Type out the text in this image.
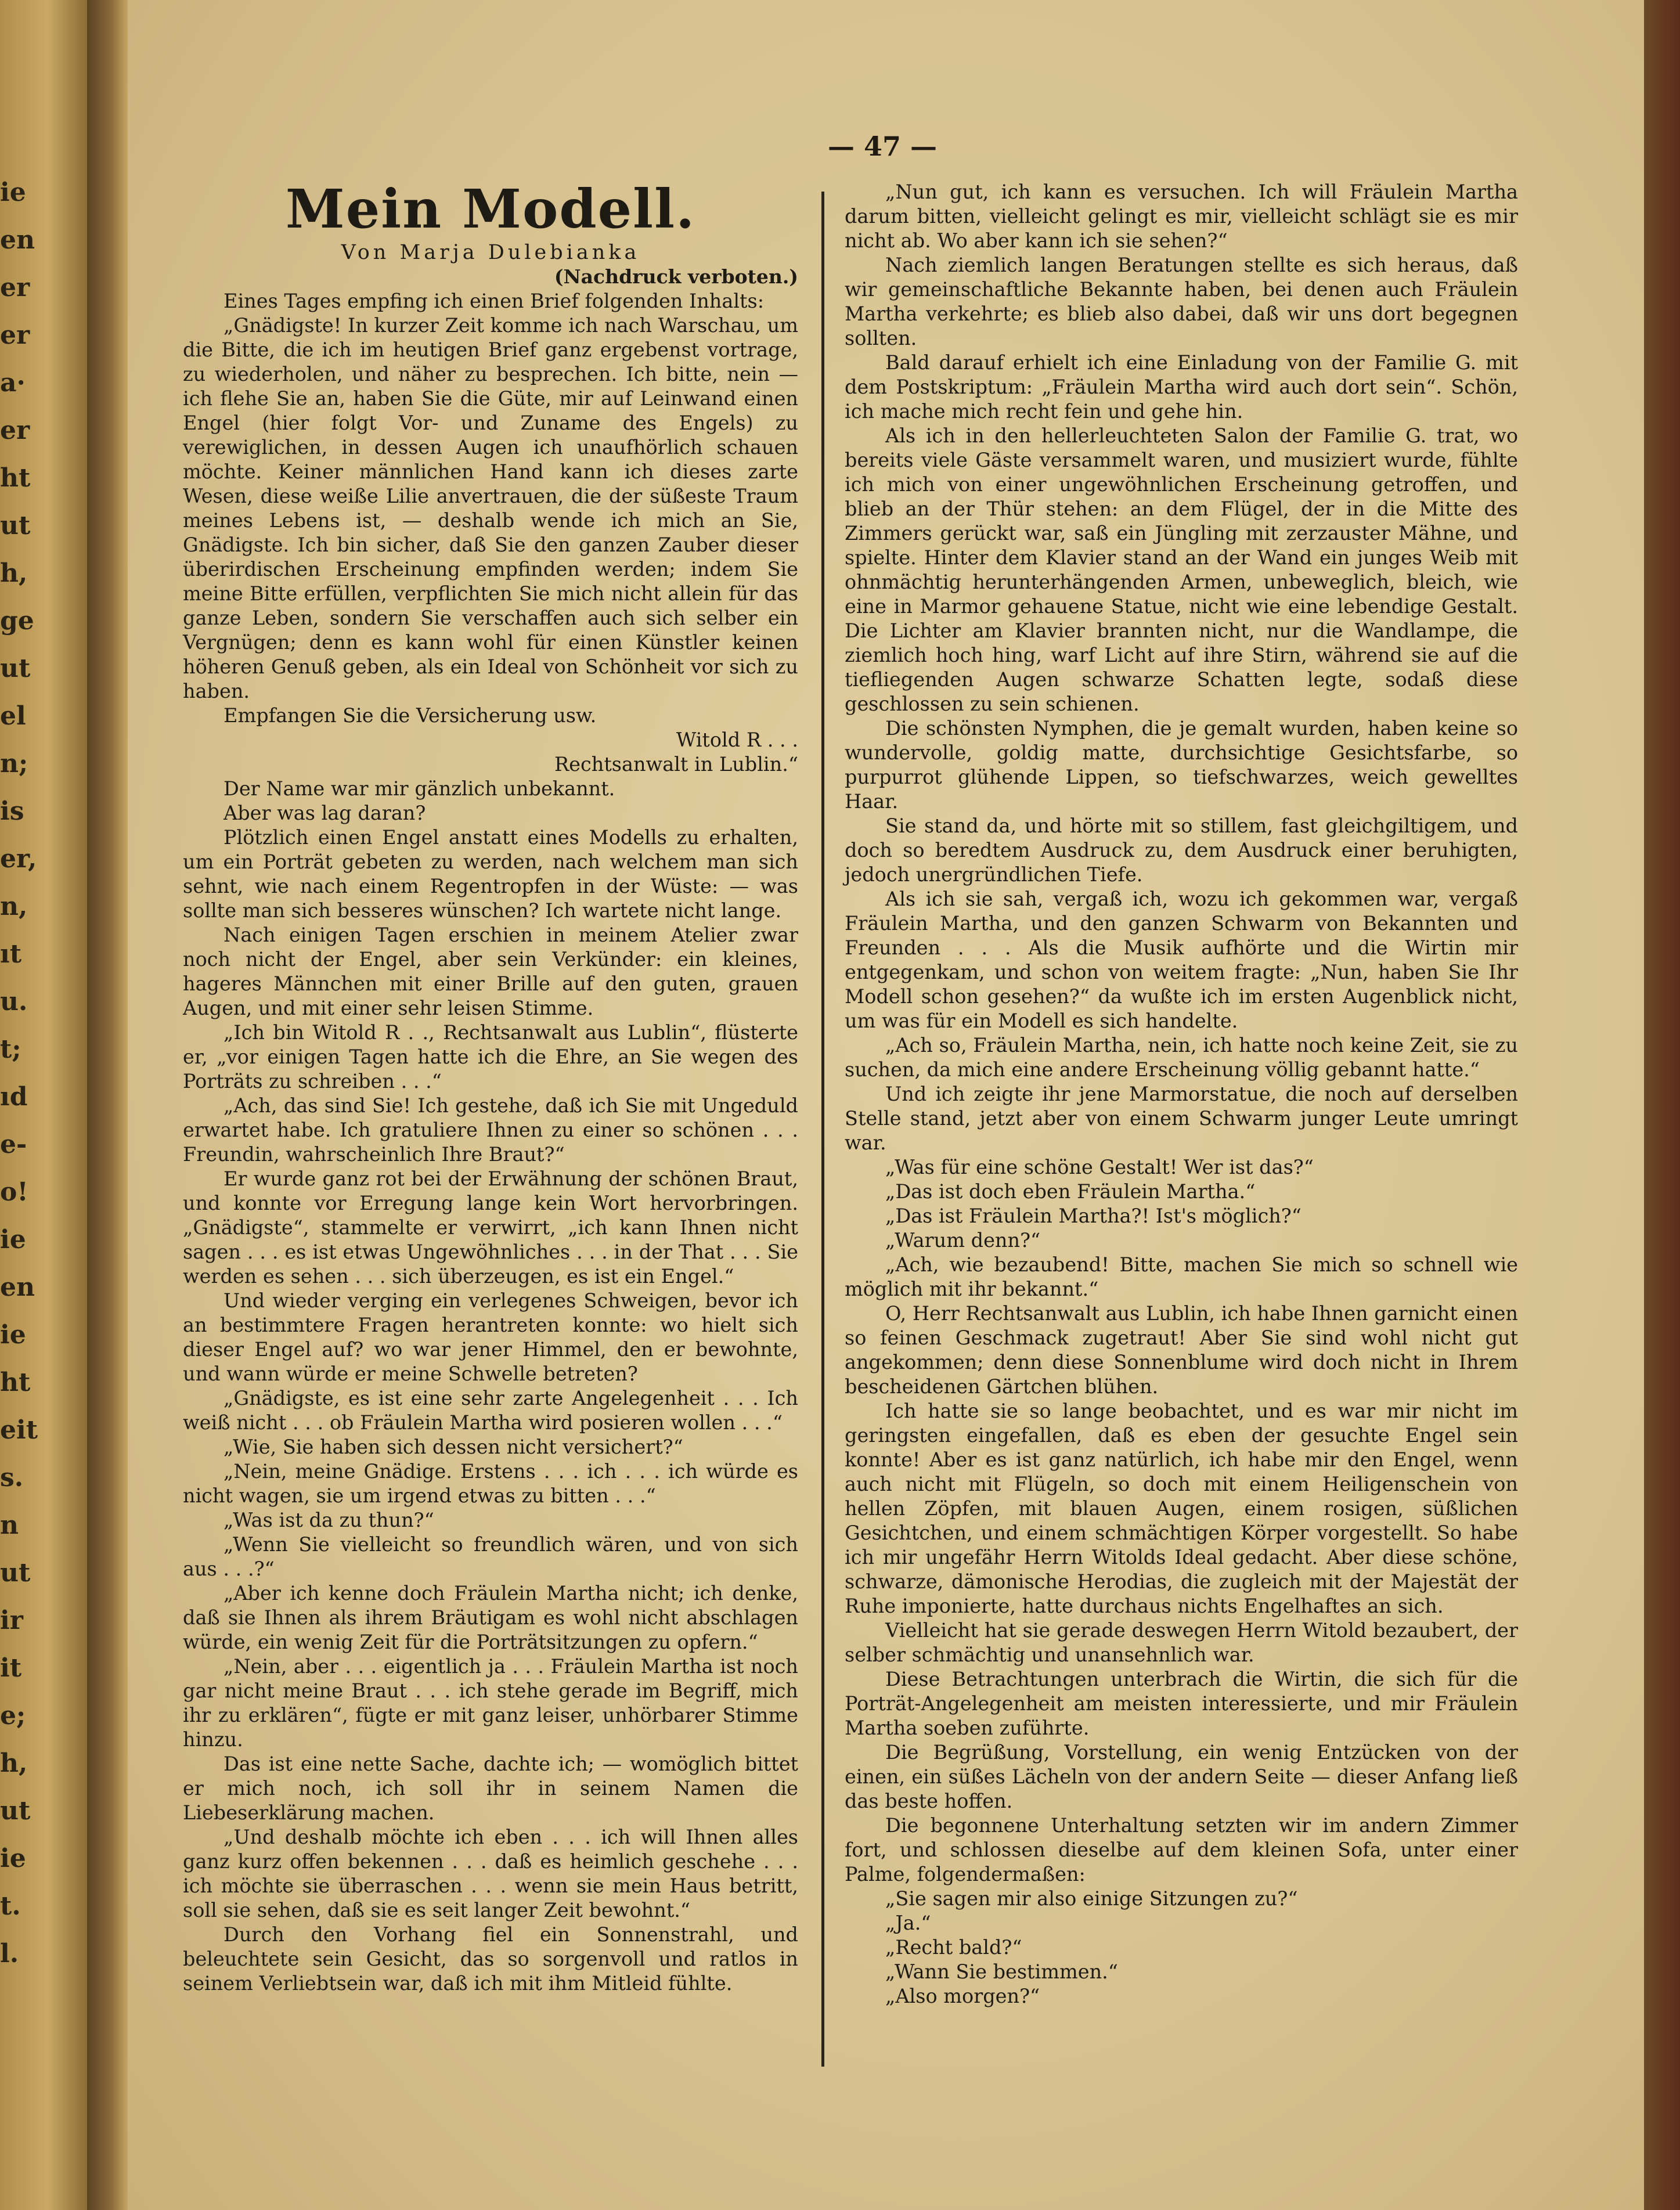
ie
en
er
er
a·
er
ht
ut
h,
ge
ut
el
n;
is
er,
n,
ıt
u.
t;
ıd
e-
o!
ie
en
ie
ht
eit
s.
n
ut
ir
it
e;
h,
ut
ie
t.
l.
— 47 —
Mein Modell.
Von Marja Dulebianka
(Nachdruck verboten.)

Eines Tages empfing ich einen Brief folgenden Inhalts:

„Gnädigste! In kurzer Zeit komme ich nach Warschau, um die Bitte, die ich im heutigen Brief ganz ergebenst vortrage, zu wiederholen, und näher zu besprechen. Ich bitte, nein — ich flehe Sie an, haben Sie die Güte, mir auf Leinwand einen Engel (hier folgt Vor- und Zuname des Engels) zu verewiglichen, in dessen Augen ich unaufhörlich schauen möchte. Keiner männlichen Hand kann ich dieses zarte Wesen, diese weiße Lilie anvertrauen, die der süßeste Traum meines Lebens ist, — deshalb wende ich mich an Sie, Gnädigste. Ich bin sicher, daß Sie den ganzen Zauber dieser überirdischen Erscheinung empfinden werden; indem Sie meine Bitte erfüllen, verpflichten Sie mich nicht allein für das ganze Leben, sondern Sie verschaffen auch sich selber ein Vergnügen; denn es kann wohl für einen Künstler keinen höheren Genuß geben, als ein Ideal von Schönheit vor sich zu haben.

Empfangen Sie die Versicherung usw.

Witold R . . .

Rechtsanwalt in Lublin.“

Der Name war mir gänzlich unbekannt.

Aber was lag daran?

Plötzlich einen Engel anstatt eines Modells zu erhalten, um ein Porträt gebeten zu werden, nach welchem man sich sehnt, wie nach einem Regentropfen in der Wüste: — was sollte man sich besseres wünschen? Ich wartete nicht lange.

Nach einigen Tagen erschien in meinem Atelier zwar noch nicht der Engel, aber sein Verkünder: ein kleines, hageres Männchen mit einer Brille auf den guten, grauen Augen, und mit einer sehr leisen Stimme.

„Ich bin Witold R . ., Rechtsanwalt aus Lublin“, flüsterte er, „vor einigen Tagen hatte ich die Ehre, an Sie wegen des Porträts zu schreiben . . .“

„Ach, das sind Sie! Ich gestehe, daß ich Sie mit Ungeduld erwartet habe. Ich gratuliere Ihnen zu einer so schönen . . . Freundin, wahrscheinlich Ihre Braut?“

Er wurde ganz rot bei der Erwähnung der schönen Braut, und konnte vor Erregung lange kein Wort hervorbringen. „Gnädigste“, stammelte er verwirrt, „ich kann Ihnen nicht sagen . . . es ist etwas Ungewöhnliches . . . in der That . . . Sie werden es sehen . . . sich überzeugen, es ist ein Engel.“

Und wieder verging ein verlegenes Schweigen, bevor ich an bestimmtere Fragen herantreten konnte: wo hielt sich dieser Engel auf? wo war jener Himmel, den er bewohnte, und wann würde er meine Schwelle betreten?

„Gnädigste, es ist eine sehr zarte Angelegenheit . . . Ich weiß nicht . . . ob Fräulein Martha wird posieren wollen . . .“

„Wie, Sie haben sich dessen nicht versichert?“

„Nein, meine Gnädige. Erstens . . . ich . . . ich würde es nicht wagen, sie um irgend etwas zu bitten . . .“

„Was ist da zu thun?“

„Wenn Sie vielleicht so freundlich wären, und von sich aus . . .?“

„Aber ich kenne doch Fräulein Martha nicht; ich denke, daß sie Ihnen als ihrem Bräutigam es wohl nicht abschlagen würde, ein wenig Zeit für die Porträtsitzungen zu opfern.“

„Nein, aber . . . eigentlich ja . . . Fräulein Martha ist noch gar nicht meine Braut . . . ich stehe gerade im Begriff, mich ihr zu erklären“, fügte er mit ganz leiser, unhörbarer Stimme hinzu.

Das ist eine nette Sache, dachte ich; — womöglich bittet er mich noch, ich soll ihr in seinem Namen die Liebeserklärung machen.

„Und deshalb möchte ich eben . . . ich will Ihnen alles ganz kurz offen bekennen . . . daß es heimlich geschehe . . . ich möchte sie überraschen . . . wenn sie mein Haus betritt, soll sie sehen, daß sie es seit langer Zeit bewohnt.“

Durch den Vorhang fiel ein Sonnenstrahl, und beleuchtete sein Gesicht, das so sorgenvoll und ratlos in seinem Verliebtsein war, daß ich mit ihm Mitleid fühlte.

„Nun gut, ich kann es versuchen. Ich will Fräulein Martha darum bitten, vielleicht gelingt es mir, vielleicht schlägt sie es mir nicht ab. Wo aber kann ich sie sehen?“

Nach ziemlich langen Beratungen stellte es sich heraus, daß wir gemeinschaftliche Bekannte haben, bei denen auch Fräulein Martha verkehrte; es blieb also dabei, daß wir uns dort begegnen sollten.

Bald darauf erhielt ich eine Einladung von der Familie G. mit dem Postskriptum: „Fräulein Martha wird auch dort sein“. Schön, ich mache mich recht fein und gehe hin.

Als ich in den hellerleuchteten Salon der Familie G. trat, wo bereits viele Gäste versammelt waren, und musiziert wurde, fühlte ich mich von einer ungewöhnlichen Erscheinung getroffen, und blieb an der Thür stehen: an dem Flügel, der in die Mitte des Zimmers gerückt war, saß ein Jüngling mit zerzauster Mähne, und spielte. Hinter dem Klavier stand an der Wand ein junges Weib mit ohnmächtig herunterhängenden Armen, unbeweglich, bleich, wie eine in Marmor gehauene Statue, nicht wie eine lebendige Gestalt. Die Lichter am Klavier brannten nicht, nur die Wandlampe, die ziemlich hoch hing, warf Licht auf ihre Stirn, während sie auf die tiefliegenden Augen schwarze Schatten legte, sodaß diese geschlossen zu sein schienen.

Die schönsten Nymphen, die je gemalt wurden, haben keine so wundervolle, goldig matte, durchsichtige Gesichtsfarbe, so purpurrot glühende Lippen, so tiefschwarzes, weich gewelltes Haar.

Sie stand da, und hörte mit so stillem, fast gleichgiltigem, und doch so beredtem Ausdruck zu, dem Ausdruck einer beruhigten, jedoch unergründlichen Tiefe.

Als ich sie sah, vergaß ich, wozu ich gekommen war, vergaß Fräulein Martha, und den ganzen Schwarm von Bekannten und Freunden . . . Als die Musik aufhörte und die Wirtin mir entgegenkam, und schon von weitem fragte: „Nun, haben Sie Ihr Modell schon gesehen?“ da wußte ich im ersten Augenblick nicht, um was für ein Modell es sich handelte.

„Ach so, Fräulein Martha, nein, ich hatte noch keine Zeit, sie zu suchen, da mich eine andere Erscheinung völlig gebannt hatte.“

Und ich zeigte ihr jene Marmorstatue, die noch auf derselben Stelle stand, jetzt aber von einem Schwarm junger Leute umringt war.

„Was für eine schöne Gestalt! Wer ist das?“

„Das ist doch eben Fräulein Martha.“

„Das ist Fräulein Martha?! Ist's möglich?“

„Warum denn?“

„Ach, wie bezaubend! Bitte, machen Sie mich so schnell wie möglich mit ihr bekannt.“

O, Herr Rechtsanwalt aus Lublin, ich habe Ihnen garnicht einen so feinen Geschmack zugetraut! Aber Sie sind wohl nicht gut angekommen; denn diese Sonnenblume wird doch nicht in Ihrem bescheidenen Gärtchen blühen.

Ich hatte sie so lange beobachtet, und es war mir nicht im geringsten eingefallen, daß es eben der gesuchte Engel sein konnte! Aber es ist ganz natürlich, ich habe mir den Engel, wenn auch nicht mit Flügeln, so doch mit einem Heiligenschein von hellen Zöpfen, mit blauen Augen, einem rosigen, süßlichen Gesichtchen, und einem schmächtigen Körper vorgestellt. So habe ich mir ungefähr Herrn Witolds Ideal gedacht. Aber diese schöne, schwarze, dämonische Herodias, die zugleich mit der Majestät der Ruhe imponierte, hatte durchaus nichts Engelhaftes an sich.

Vielleicht hat sie gerade deswegen Herrn Witold bezaubert, der selber schmächtig und unansehnlich war.

Diese Betrachtungen unterbrach die Wirtin, die sich für die Porträt-Angelegenheit am meisten interessierte, und mir Fräulein Martha soeben zuführte.

Die Begrüßung, Vorstellung, ein wenig Entzücken von der einen, ein süßes Lächeln von der andern Seite — dieser Anfang ließ das beste hoffen.

Die begonnene Unterhaltung setzten wir im andern Zimmer fort, und schlossen dieselbe auf dem kleinen Sofa, unter einer Palme, folgendermaßen:

„Sie sagen mir also einige Sitzungen zu?“

„Ja.“

„Recht bald?“

„Wann Sie bestimmen.“

„Also morgen?“
